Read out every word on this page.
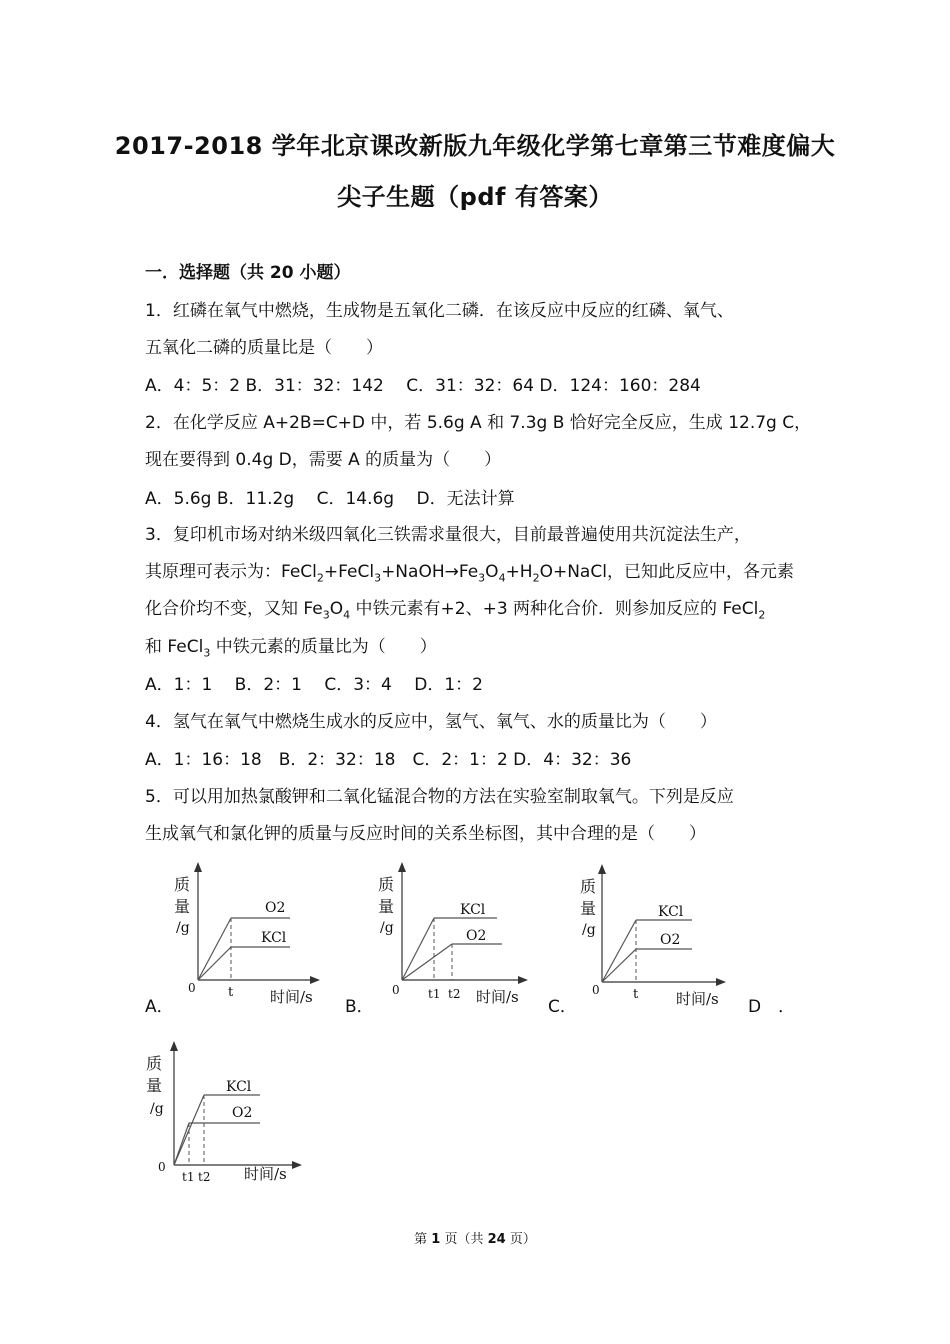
2017-2018 学年北京课改新版九年级化学第七章第三节难度偏大
尖子生题（pdf 有答案）
一．选择题（共 20 小题）
1．红磷在氧气中燃烧，生成物是五氧化二磷．在该反应中反应的红磷、氧气、
五氧化二磷的质量比是（　　）
A．4：5：2 B．31：32：142　 C．31：32：64 D．124：160：284
2．在化学反应 A+2B=C+D 中，若 5.6g A 和 7.3g B 恰好完全反应，生成 12.7g C，
现在要得到 0.4g D，需要 A 的质量为（　　）
A．5.6g B．11.2g　 C．14.6g　 D．无法计算
3．复印机市场对纳米级四氧化三铁需求量很大，目前最普遍使用共沉淀法生产，
其原理可表示为：$FeCl_2+FeCl_3+NaOH\to Fe_3O_4+H_2O+NaCl$，已知此反应中，各元素
化合价均不变，又知 $Fe_3O_4$ 中铁元素有+2、+3 两种化合价．则参加反应的 FeCl$_2$
和 FeCl$_3$ 中铁元素的质量比为（　　）
A．1：1　 B．2：1　 C．3：4　 D．1：2
4．氢气在氧气中燃烧生成水的反应中，氢气、氧气、水的质量比为（　　）
A．1：16：18　B．2：32：18　C．2：1：2 D．4：32：36
5．可以用加热氯酸钾和二氧化锰混合物的方法在实验室制取氧气。下列是反应
生成氧气和氯化钾的质量与反应时间的关系坐标图，其中合理的是（　　）
A．	B．	C．	D　．
质
量
/g
O2
KCl
0 t 时间/s
质
量
/g
KCl
O2
0 t1 t2 时间/s
质
量
/g
KCl
O2
0	t	时间/s
质
量
/g
KCl
O2
0
t1 t2 时间/s
第 1 页（共 24 页）
